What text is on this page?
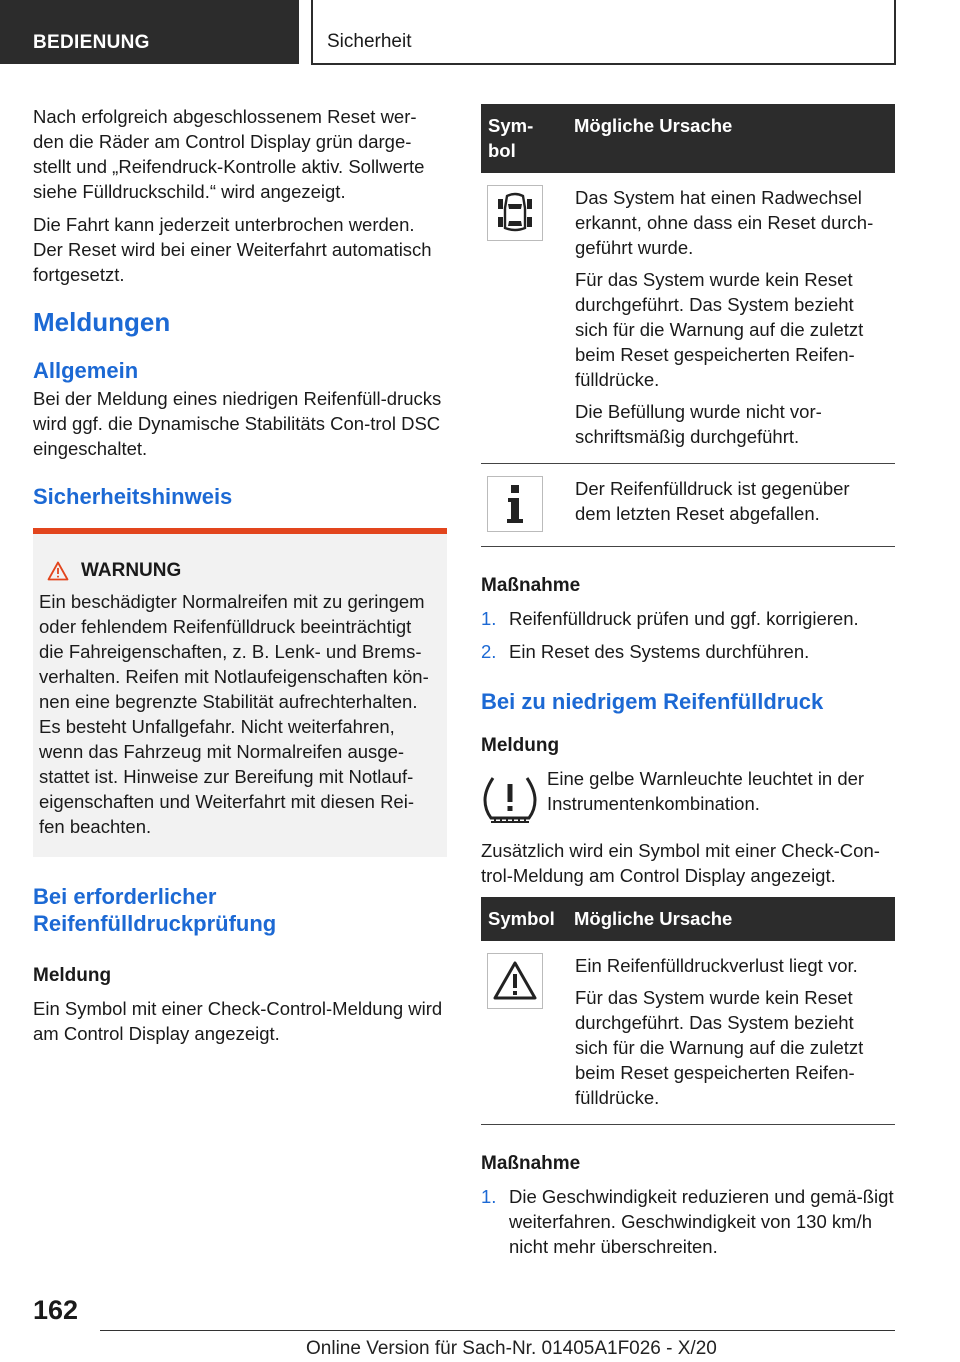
BEDIENUNG	Sicherheit

Nach erfolgreich abgeschlossenem Reset wer-den die Räder am Control Display grün darge-stellt und „Reifendruck-Kontrolle aktiv. Sollwerte siehe Fülldruckschild.“ wird angezeigt.

Die Fahrt kann jederzeit unterbrochen werden. Der Reset wird bei einer Weiterfahrt automatisch fortgesetzt.

Meldungen
Allgemein

Bei der Meldung eines niedrigen Reifenfüll-drucks wird ggf. die Dynamische Stabilitäts Con-trol DSC eingeschaltet.

Sicherheitshinweis
WARNUNG

Ein beschädigter Normalreifen mit zu geringem oder fehlendem Reifenfülldruck beeinträchtigt die Fahreigenschaften, z. B. Lenk- und Brems-verhalten. Reifen mit Notlaufeigenschaften kön-nen eine begrenzte Stabilität aufrechterhalten. Es besteht Unfallgefahr. Nicht weiterfahren, wenn das Fahrzeug mit Normalreifen ausge-stattet ist. Hinweise zur Bereifung mit Notlauf-eigenschaften und Weiterfahrt mit diesen Rei-fen beachten.

Bei erforderlicher Reifenfülldruckprüfung
Meldung

Ein Symbol mit einer Check-Control-Meldung wird am Control Display angezeigt.

Sym-bol	Mögliche Ursache

Das System hat einen Radwechsel erkannt, ohne dass ein Reset durch-geführt wurde.

Für das System wurde kein Reset durchgeführt. Das System bezieht sich für die Warnung auf die zuletzt beim Reset gespeicherten Reifen-fülldrücke.

Die Befüllung wurde nicht vor-schriftsmäßig durchgeführt.

Der Reifenfülldruck ist gegenüber dem letzten Reset abgefallen.

Maßnahme
1. Reifenfülldruck prüfen und ggf. korrigieren.
2. Ein Reset des Systems durchführen.
Bei zu niedrigem Reifenfülldruck
Meldung

Eine gelbe Warnleuchte leuchtet in der Instrumentenkombination.

Zusätzlich wird ein Symbol mit einer Check-Con-trol-Meldung am Control Display angezeigt.

Symbol	Mögliche Ursache

Ein Reifenfülldruckverlust liegt vor.

Für das System wurde kein Reset durchgeführt. Das System bezieht sich für die Warnung auf die zuletzt beim Reset gespeicherten Reifen-fülldrücke.

Maßnahme
1. Die Geschwindigkeit reduzieren und gemä-ßigt weiterfahren. Geschwindigkeit von 130 km/h nicht mehr überschreiten.
162
Online Version für Sach-Nr. 01405A1F026 - X/20
